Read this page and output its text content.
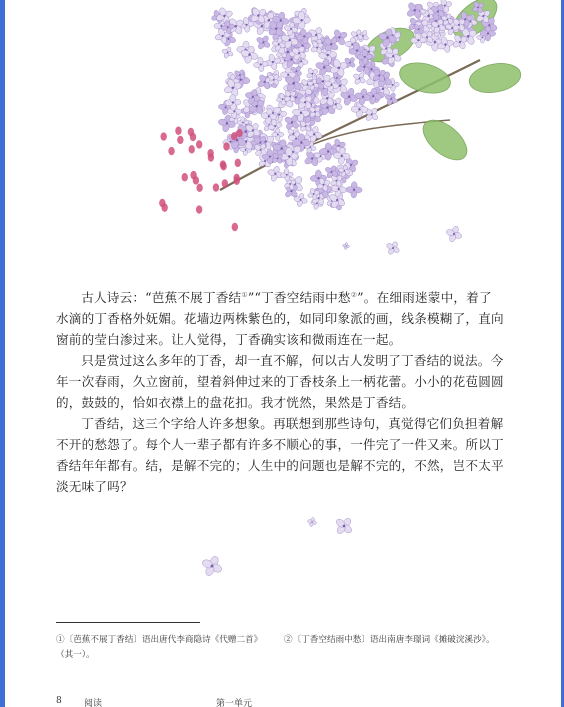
古人诗云：“芭蕉不展丁香结①”“丁香空结雨中愁②”。在细雨迷蒙中，着了水滴的丁香格外妩媚。花墙边两株紫色的，如同印象派的画，线条模糊了，直向窗前的莹白渗过来。让人觉得，丁香确实该和微雨连在一起。

只是赏过这么多年的丁香，却一直不解，何以古人发明了丁香结的说法。今年一次春雨，久立窗前，望着斜伸过来的丁香枝条上一柄花蕾。小小的花苞圆圆的，鼓鼓的，恰如衣襟上的盘花扣。我才恍然，果然是丁香结。

丁香结，这三个字给人许多想象。再联想到那些诗句，真觉得它们负担着解不开的愁怨了。每个人一辈子都有许多不顺心的事，一件完了一件又来。所以丁香结年年都有。结，是解不完的；人生中的问题也是解不完的，不然，岂不太平淡无味了吗？

①〔芭蕉不展丁香结〕语出唐代李商隐诗《代赠二首》（其一）。
②〔丁香空结雨中愁〕语出南唐李璟词《摊破浣溪沙》。
8 阅读	第一单元
